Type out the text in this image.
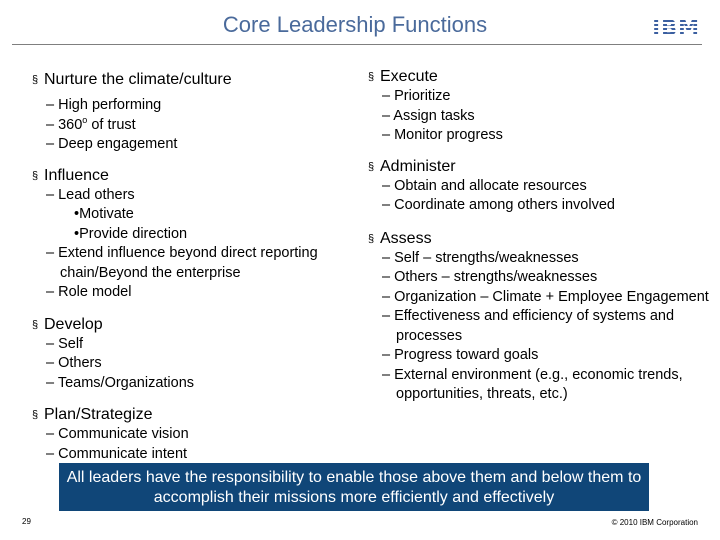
Core Leadership Functions	IBM
§ Nurture the climate/culture
– High performing
– 360$^o$ of trust
– Deep engagement
§ Influence
– Lead others
•Motivate
•Provide direction
– Extend influence beyond direct reporting chain/Beyond the enterprise
– Role model
§ Develop
– Self
– Others
– Teams/Organizations
§ Plan/Strategize
– Communicate vision
– Communicate intent
§ Execute
– Prioritize
– Assign tasks
– Monitor progress
§ Administer
– Obtain and allocate resources
– Coordinate among others involved
§ Assess
– Self – strengths/weaknesses
– Others – strengths/weaknesses
– Organization – Climate + Employee Engagement
– Effectiveness and efficiency of systems and processes
– Progress toward goals
– External environment (e.g., economic trends, opportunities, threats, etc.)
All leaders have the responsibility to enable those above them and below them to accomplish their missions more efficiently and effectively
29	© 2010 IBM Corporation
